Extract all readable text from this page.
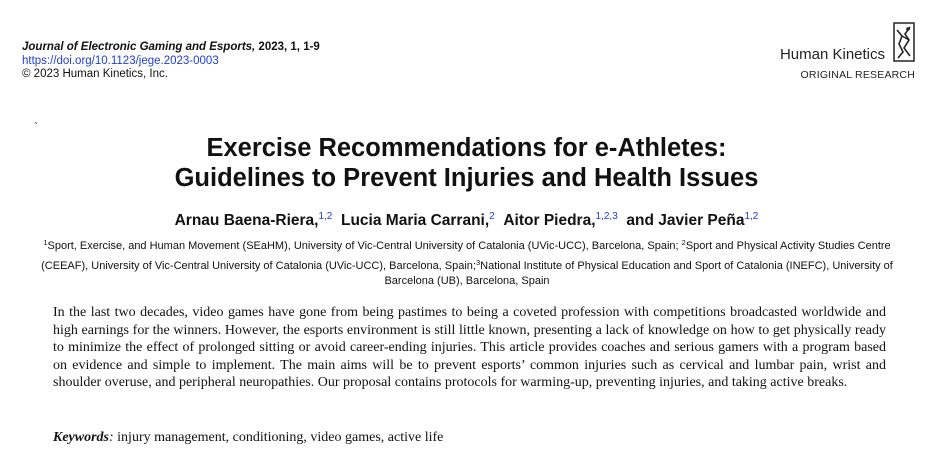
Journal of Electronic Gaming and Esports, 2023, 1, 1-9
https://doi.org/10.1123/jege.2023-0003
© 2023 Human Kinetics, Inc.
Human Kinetics
ORIGINAL RESEARCH
`
Exercise Recommendations for e-Athletes:
Guidelines to Prevent Injuries and Health Issues
Arnau Baena-Riera,$^{1,2}$ Lucia Maria Carrani,$^2$ Aitor Piedra,$^{1,2,3}$ and Javier Peña$^{1,2}$
$^1$Sport, Exercise, and Human Movement (SEaHM), University of Vic-Central University of Catalonia (UVic-UCC), Barcelona, Spain; $^2$Sport and Physical Activity Studies Centre (CEEAF), University of Vic-Central University of Catalonia (UVic-UCC), Barcelona, Spain;$^3$National Institute of Physical Education and Sport of Catalonia (INEFC), University of Barcelona (UB), Barcelona, Spain
In the last two decades, video games have gone from being pastimes to being a coveted profession with competitions broadcasted worldwide and high earnings for the winners. However, the esports environment is still little known, presenting a lack of knowledge on how to get physically ready to minimize the effect of prolonged sitting or avoid career-ending injuries. This article provides coaches and serious gamers with a program based on evidence and simple to implement. The main aims will be to prevent esports’ common injuries such as cervical and lumbar pain, wrist and shoulder overuse, and peripheral neuropathies. Our proposal contains protocols for warming-up, preventing injuries, and taking active breaks.
Keywords: injury management, conditioning, video games, active life
